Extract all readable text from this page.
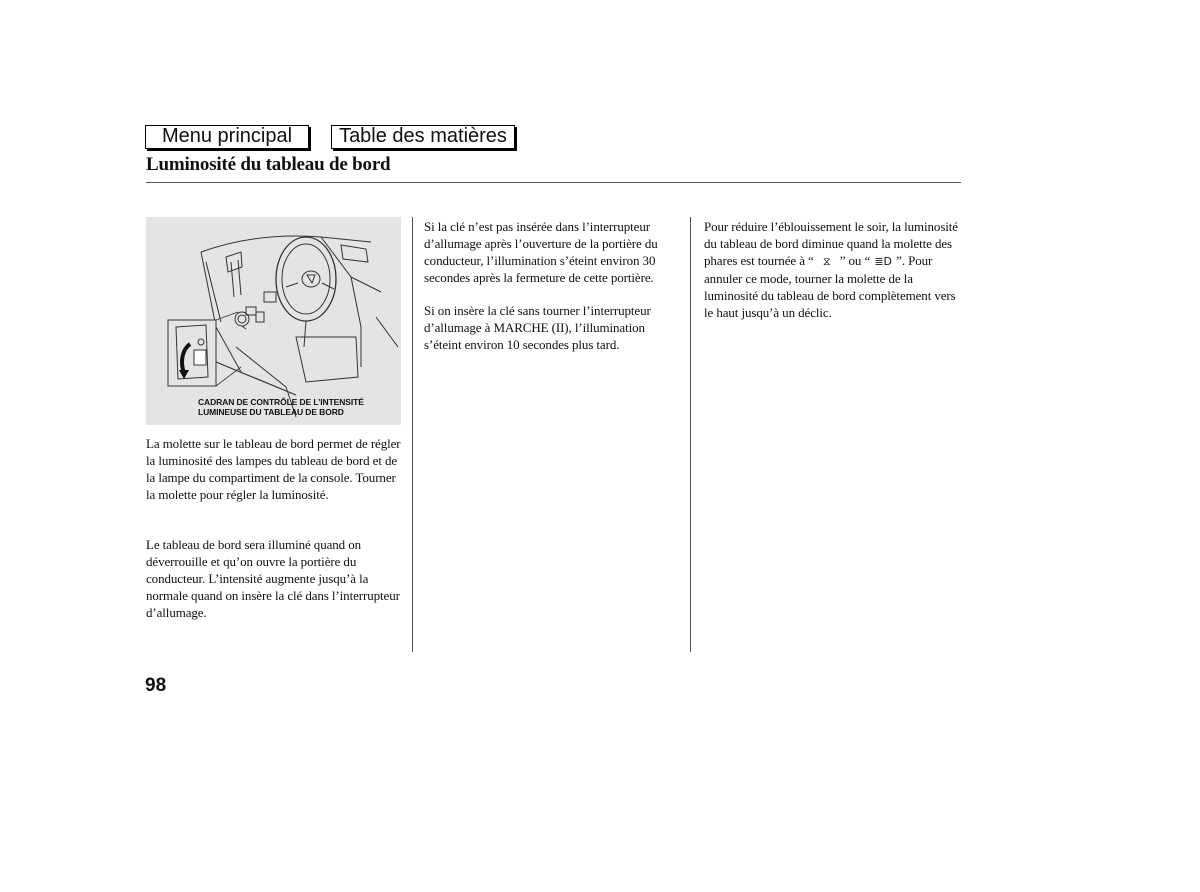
Menu principal	Table des matières
Luminosité du tableau de bord
CADRAN DE CONTRÔLE DE L’INTENSITÉ
LUMINEUSE DU TABLEAU DE BORD

La molette sur le tableau de bord permet de régler la luminosité des lampes du tableau de bord et de la lampe du compartiment de la console. Tourner la molette pour régler la luminosité.

Le tableau de bord sera illuminé quand on déverrouille et qu’on ouvre la portière du conducteur. L’intensité augmente jusqu’à la normale quand on insère la clé dans l’interrupteur d’allumage.

Si la clé n’est pas insérée dans l’interrupteur d’allumage après l’ouverture de la portière du conducteur, l’illumination s’éteint environ 30 secondes après la fermeture de cette portière.

Si on insère la clé sans tourner l’interrupteur d’allumage à MARCHE (II), l’illumination s’éteint environ 10 secondes plus tard.

Pour réduire l’éblouissement le soir, la luminosité du tableau de bord diminue quand la molette des phares est tournée à “ ⧖ ” ou “ ≣D ”. Pour annuler ce mode, tourner la molette de la luminosité du tableau de bord complètement vers le haut jusqu’à un déclic.

98
